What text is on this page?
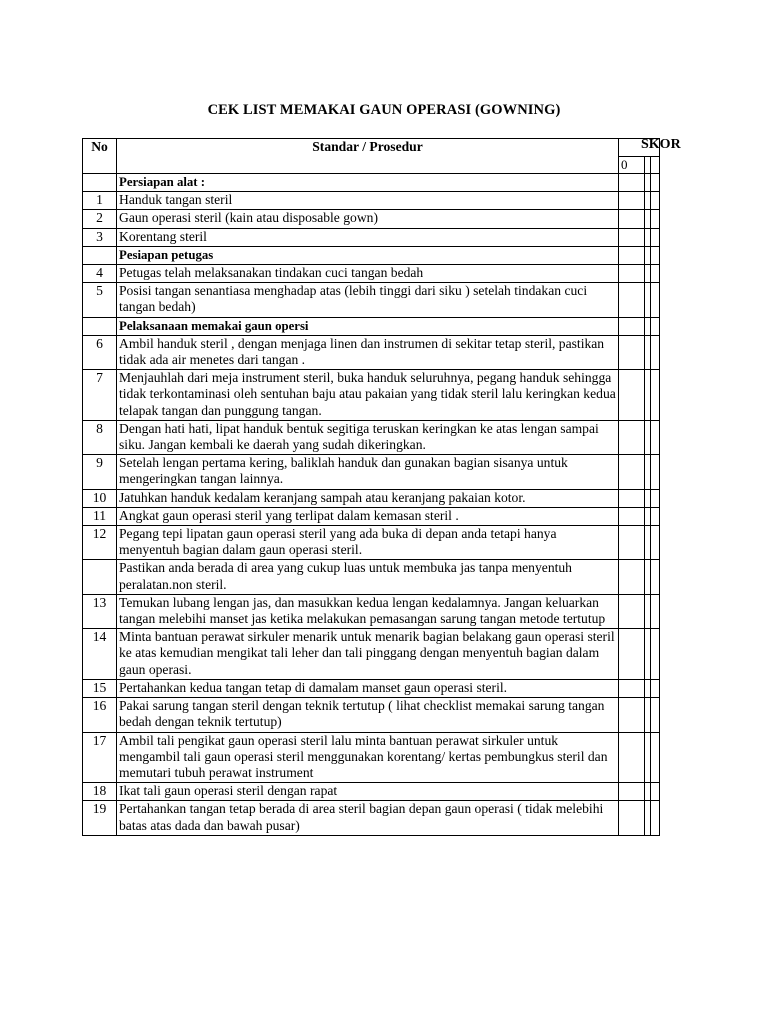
CEK LIST MEMAKAI GAUN OPERASI (GOWNING)
SKOR
No	Standar / Prosedur			
		0		
	Persiapan alat :			
1	Handuk tangan steril			
2	Gaun operasi steril (kain atau disposable gown)			
3	Korentang steril			
	Pesiapan petugas			
4	Petugas telah melaksanakan tindakan cuci tangan bedah			
5	Posisi tangan senantiasa menghadap atas (lebih tinggi dari siku ) setelah tindakan cuci tangan bedah)			
	Pelaksanaan memakai gaun opersi			
6	Ambil handuk steril , dengan menjaga linen dan instrumen di sekitar tetap steril, pastikan tidak ada air menetes dari tangan .			
7	Menjauhlah dari meja instrument steril, buka handuk seluruhnya, pegang handuk sehingga tidak terkontaminasi oleh sentuhan baju atau pakaian yang tidak steril lalu keringkan kedua telapak tangan dan punggung tangan.			
8	Dengan hati hati, lipat handuk bentuk segitiga teruskan keringkan ke atas lengan sampai siku. Jangan kembali ke daerah yang sudah dikeringkan.			
9	Setelah lengan pertama kering, baliklah handuk dan gunakan bagian sisanya untuk mengeringkan tangan lainnya.			
10	Jatuhkan handuk kedalam keranjang sampah atau keranjang pakaian kotor.			
11	Angkat gaun operasi steril yang terlipat dalam kemasan steril .			
12	Pegang tepi lipatan gaun operasi steril yang ada buka di depan anda tetapi hanya menyentuh bagian dalam gaun operasi steril.			
	Pastikan anda berada di area yang cukup luas untuk membuka jas tanpa menyentuh peralatan.non steril.			
13	Temukan lubang lengan jas, dan masukkan kedua lengan kedalamnya. Jangan keluarkan tangan melebihi manset jas ketika melakukan pemasangan sarung tangan metode tertutup			
14	Minta bantuan perawat sirkuler menarik untuk menarik bagian belakang gaun operasi steril ke atas kemudian mengikat tali leher dan tali pinggang dengan menyentuh bagian dalam gaun operasi.			
15	Pertahankan kedua tangan tetap di damalam manset gaun operasi steril.			
16	Pakai sarung tangan steril dengan teknik tertutup ( lihat checklist memakai sarung tangan bedah dengan teknik tertutup)			
17	Ambil tali pengikat gaun operasi steril lalu minta bantuan perawat sirkuler untuk mengambil tali gaun operasi steril menggunakan korentang/ kertas pembungkus steril dan memutari tubuh perawat instrument			
18	Ikat tali gaun operasi steril dengan rapat			
19	Pertahankan tangan tetap berada di area steril bagian depan gaun operasi ( tidak melebihi batas atas dada dan bawah pusar)			
